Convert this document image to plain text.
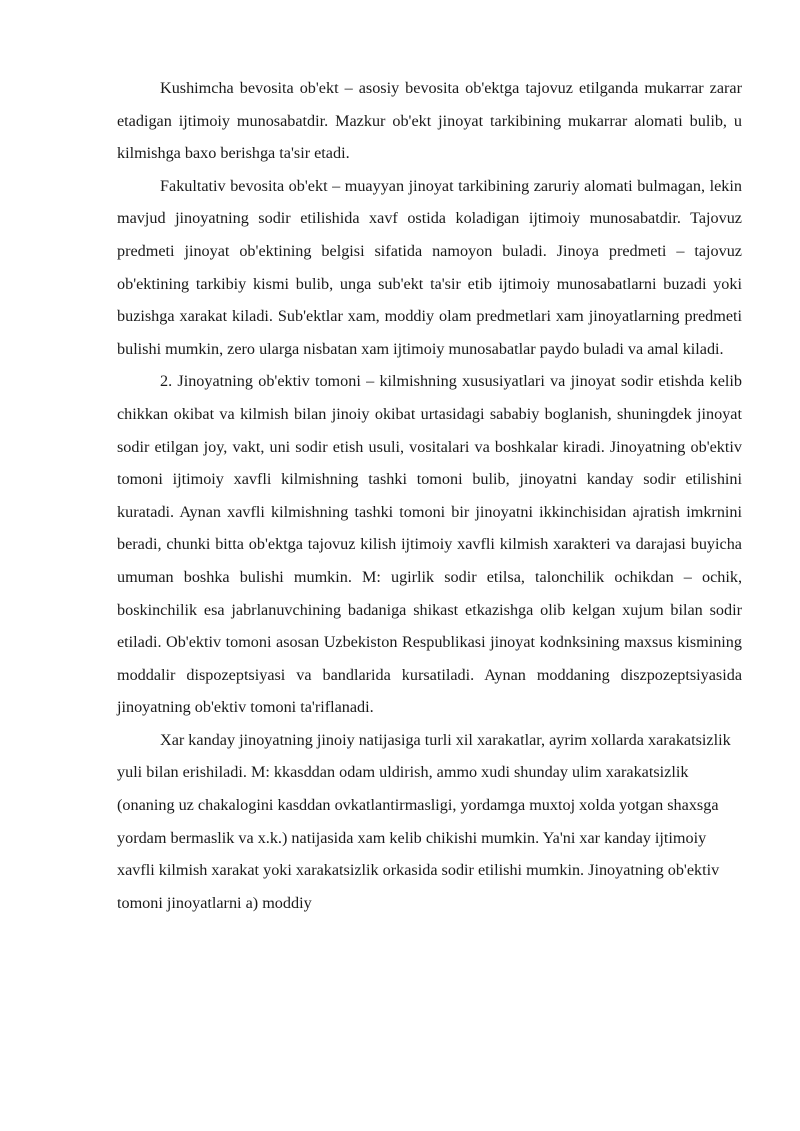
Kushimcha bevosita ob'ekt – asosiy bevosita ob'ektga tajovuz etilganda mukarrar zarar etadigan ijtimoiy munosabatdir. Mazkur ob'ekt jinoyat tarkibining mukarrar alomati bulib, u kilmishga baxo berishga ta'sir etadi.

Fakultativ bevosita ob'ekt – muayyan jinoyat tarkibining zaruriy alomati bulmagan, lekin mavjud jinoyatning sodir etilishida xavf ostida koladigan ijtimoiy munosabatdir. Tajovuz predmeti jinoyat ob'ektining belgisi sifatida namoyon buladi. Jinoya predmeti – tajovuz ob'ektining tarkibiy kismi bulib, unga sub'ekt ta'sir etib ijtimoiy munosabatlarni buzadi yoki buzishga xarakat kiladi. Sub'ektlar xam, moddiy olam predmetlari xam jinoyatlarning predmeti bulishi mumkin, zero ularga nisbatan xam ijtimoiy munosabatlar paydo buladi va amal kiladi.

2. Jinoyatning ob'ektiv tomoni – kilmishning xususiyatlari va jinoyat sodir etishda kelib chikkan okibat va kilmish bilan jinoiy okibat urtasidagi sababiy boglanish, shuningdek jinoyat sodir etilgan joy, vakt, uni sodir etish usuli, vositalari va boshkalar kiradi. Jinoyatning ob'ektiv tomoni ijtimoiy xavfli kilmishning tashki tomoni bulib, jinoyatni kanday sodir etilishini kuratadi. Aynan xavfli kilmishning tashki tomoni bir jinoyatni ikkinchisidan ajratish imkrnini beradi, chunki bitta ob'ektga tajovuz kilish ijtimoiy xavfli kilmish xarakteri va darajasi buyicha umuman boshka bulishi mumkin. M: ugirlik sodir etilsa, talonchilik ochikdan – ochik, boskinchilik esa jabrlanuvchining badaniga shikast etkazishga olib kelgan xujum bilan sodir etiladi. Ob'ektiv tomoni asosan Uzbekiston Respublikasi jinoyat kodnksining maxsus kismining moddalir dispozeptsiyasi va bandlarida kursatiladi. Aynan moddaning diszpozeptsiyasida jinoyatning ob'ektiv tomoni ta'riflanadi.

Xar kanday jinoyatning jinoiy natijasiga turli xil xarakatlar, ayrim xollarda xarakatsizlik yuli bilan erishiladi. M: kkasddan odam uldirish, ammo xudi shunday ulim xarakatsizlik (onaning uz chakalogini kasddan ovkatlantirmasligi, yordamga muxtoj xolda yotgan shaxsga yordam bermaslik va x.k.) natijasida xam kelib chikishi mumkin. Ya'ni xar kanday ijtimoiy xavfli kilmish xarakat yoki xarakatsizlik orkasida sodir etilishi mumkin. Jinoyatning ob'ektiv tomoni jinoyatlarni a) moddiy
